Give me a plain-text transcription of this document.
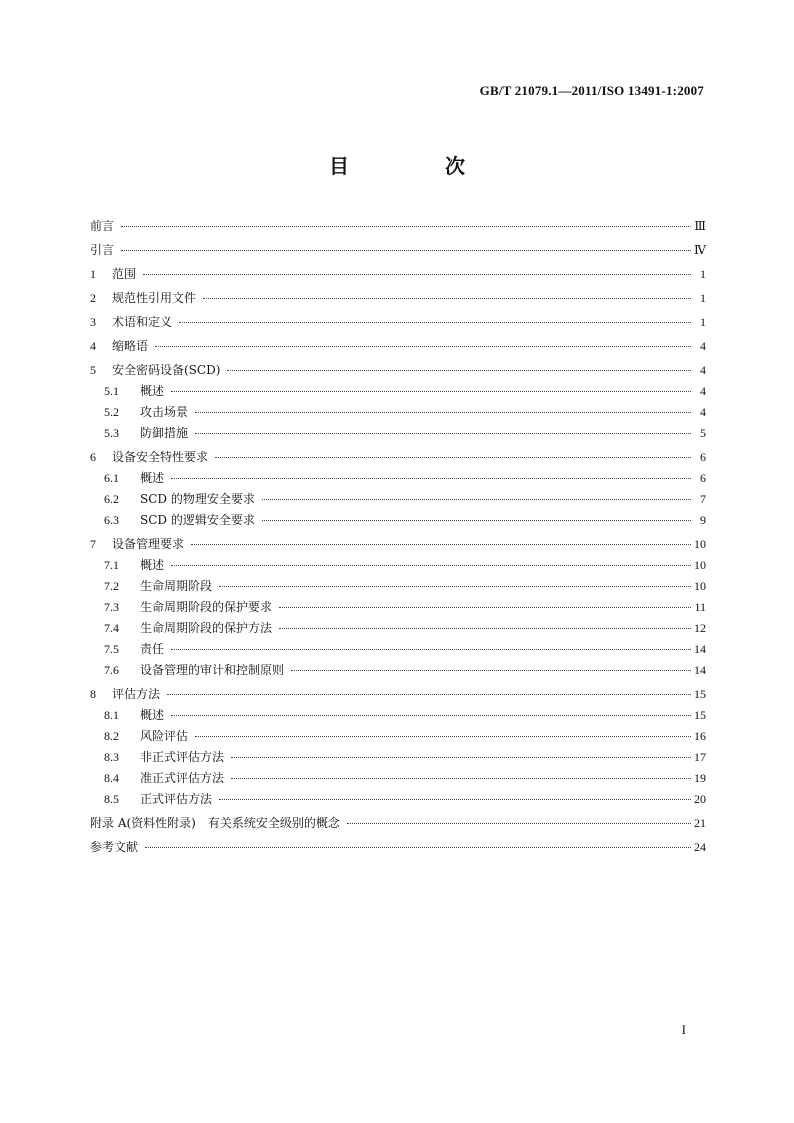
GB/T 21079.1—2011/ISO 13491-1:2007
目　次
前言	Ⅲ
引言	Ⅳ
1	范围	1
2	规范性引用文件	1
3	术语和定义	1
4	缩略语	4
5	安全密码设备(SCD)	4
5.1	概述	4
5.2	攻击场景	4
5.3	防御措施	5
6	设备安全特性要求	6
6.1	概述	6
6.2	SCD 的物理安全要求	7
6.3	SCD 的逻辑安全要求	9
7	设备管理要求	10
7.1	概述	10
7.2	生命周期阶段	10
7.3	生命周期阶段的保护要求	11
7.4	生命周期阶段的保护方法	12
7.5	责任	14
7.6	设备管理的审计和控制原则	14
8	评估方法	15
8.1	概述	15
8.2	风险评估	16
8.3	非正式评估方法	17
8.4	准正式评估方法	19
8.5	正式评估方法	20
附录 A(资料性附录)　有关系统安全级别的概念	21
参考文献	24
I
